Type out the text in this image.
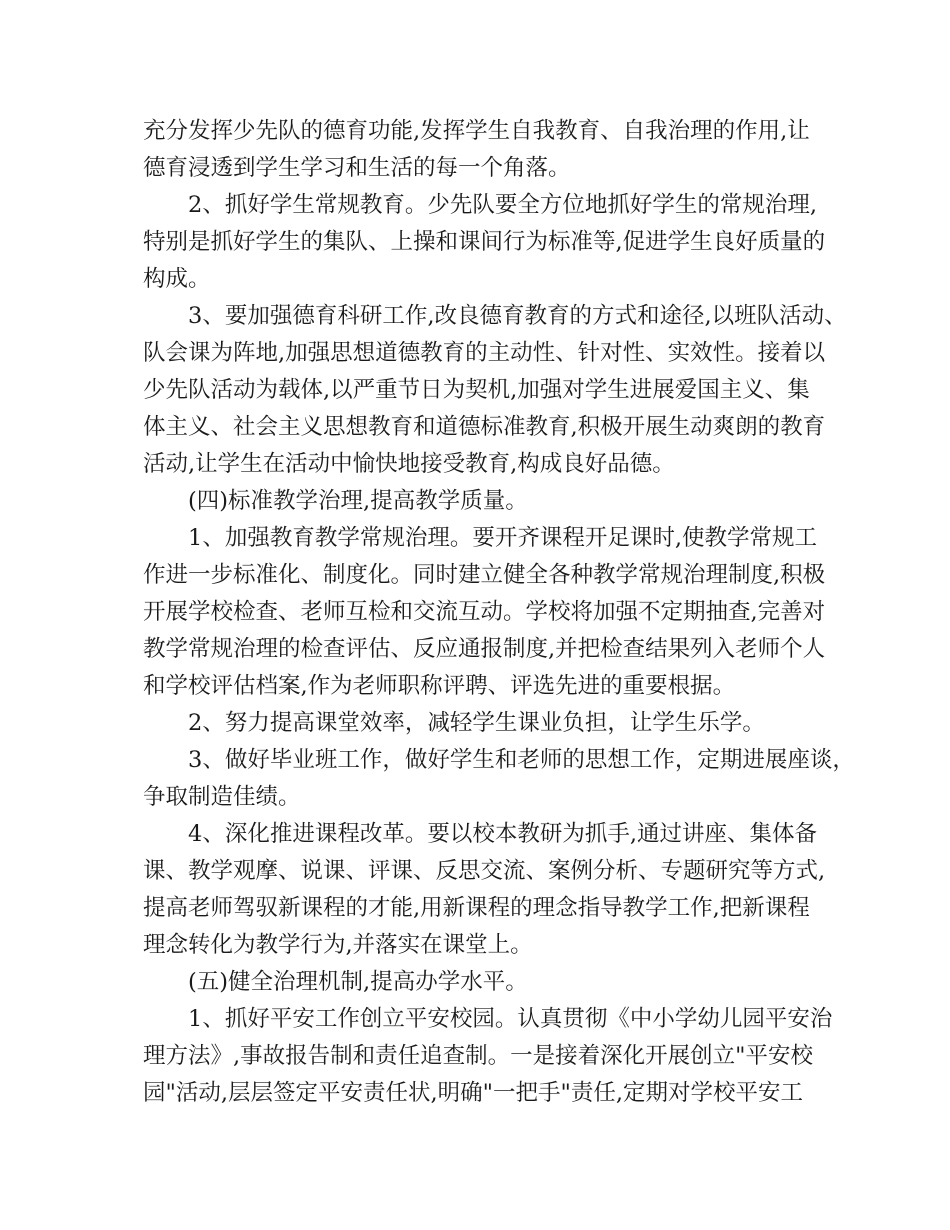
充分发挥少先队的德育功能,发挥学生自我教育、自我治理的作用,让
德育浸透到学生学习和生活的每一个角落。
2、抓好学生常规教育。少先队要全方位地抓好学生的常规治理,
特别是抓好学生的集队、上操和课间行为标准等,促进学生良好质量的
构成。
3、要加强德育科研工作,改良德育教育的方式和途径,以班队活动、
队会课为阵地,加强思想道德教育的主动性、针对性、实效性。接着以
少先队活动为载体,以严重节日为契机,加强对学生进展爱国主义、集
体主义、社会主义思想教育和道德标准教育,积极开展生动爽朗的教育
活动,让学生在活动中愉快地接受教育,构成良好品德。
(四)标准教学治理,提高教学质量。
1、加强教育教学常规治理。要开齐课程开足课时,使教学常规工
作进一步标准化、制度化。同时建立健全各种教学常规治理制度,积极
开展学校检查、老师互检和交流互动。学校将加强不定期抽查,完善对
教学常规治理的检查评估、反应通报制度,并把检查结果列入老师个人
和学校评估档案,作为老师职称评聘、评选先进的重要根据。
2、努力提高课堂效率，减轻学生课业负担，让学生乐学。
3、做好毕业班工作，做好学生和老师的思想工作，定期进展座谈，
争取制造佳绩。
4、深化推进课程改革。要以校本教研为抓手,通过讲座、集体备
课、教学观摩、说课、评课、反思交流、案例分析、专题研究等方式,
提高老师驾驭新课程的才能,用新课程的理念指导教学工作,把新课程
理念转化为教学行为,并落实在课堂上。
(五)健全治理机制,提高办学水平。
1、抓好平安工作创立平安校园。认真贯彻《中小学幼儿园平安治
理方法》,事故报告制和责任追查制。一是接着深化开展创立"平安校
园"活动,层层签定平安责任状,明确"一把手"责任,定期对学校平安工
